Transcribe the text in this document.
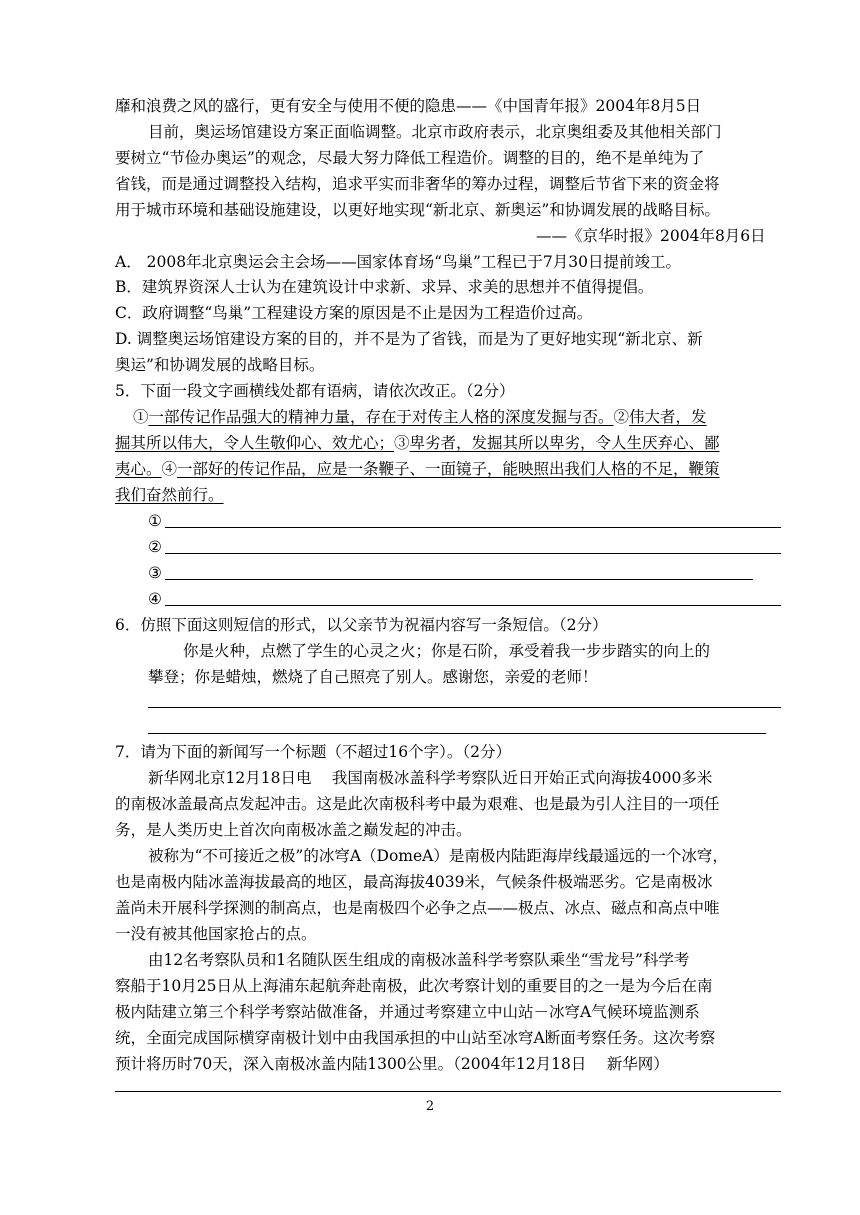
靡和浪费之风的盛行，更有安全与使用不便的隐患——《中国青年报》2004年8月5日
目前，奥运场馆建设方案正面临调整。北京市政府表示，北京奥组委及其他相关部门
要树立“节俭办奥运”的观念，尽最大努力降低工程造价。调整的目的，绝不是单纯为了
省钱，而是通过调整投入结构，追求平实而非奢华的筹办过程，调整后节省下来的资金将
用于城市环境和基础设施建设，以更好地实现“新北京、新奥运”和协调发展的战略目标。
——《京华时报》2004年8月6日
A． 2008年北京奥运会主会场——国家体育场“鸟巢”工程已于7月30日提前竣工。
B．建筑界资深人士认为在建筑设计中求新、求异、求美的思想并不值得提倡。
C．政府调整“鸟巢”工程建设方案的原因是不止是因为工程造价过高。
D. 调整奥运场馆建设方案的目的，并不是为了省钱，而是为了更好地实现“新北京、新
奥运”和协调发展的战略目标。
5．下面一段文字画横线处都有语病，请依次改正。（2分）
①一部传记作品强大的精神力量，存在于对传主人格的深度发掘与否。②伟大者，发
掘其所以伟大，令人生敬仰心、效尤心；③卑劣者，发掘其所以卑劣，令人生厌弃心、鄙
夷心。④一部好的传记作品，应是一条鞭子、一面镜子，能映照出我们人格的不足，鞭策
我们奋然前行。
①
②
③
④
6．仿照下面这则短信的形式，以父亲节为祝福内容写一条短信。（2分）
你是火种，点燃了学生的心灵之火；你是石阶，承受着我一步步踏实的向上的
攀登；你是蜡烛，燃烧了自己照亮了别人。感谢您，亲爱的老师！
7．请为下面的新闻写一个标题（不超过16个字）。（2分）
新华网北京12月18日电　 我国南极冰盖科学考察队近日开始正式向海拔4000多米
的南极冰盖最高点发起冲击。这是此次南极科考中最为艰难、也是最为引人注目的一项任
务，是人类历史上首次向南极冰盖之巅发起的冲击。
被称为“不可接近之极”的冰穹A（DomeA）是南极内陆距海岸线最遥远的一个冰穹，
也是南极内陆冰盖海拔最高的地区，最高海拔4039米，气候条件极端恶劣。它是南极冰
盖尚未开展科学探测的制高点，也是南极四个必争之点——极点、冰点、磁点和高点中唯
一没有被其他国家抢占的点。
由12名考察队员和1名随队医生组成的南极冰盖科学考察队乘坐“雪龙号”科学考
察船于10月25日从上海浦东起航奔赴南极，此次考察计划的重要目的之一是为今后在南
极内陆建立第三个科学考察站做准备，并通过考察建立中山站－冰穹A气候环境监测系
统，全面完成国际横穿南极计划中由我国承担的中山站至冰穹A断面考察任务。这次考察
预计将历时70天，深入南极冰盖内陆1300公里。（2004年12月18日　 新华网）
2
